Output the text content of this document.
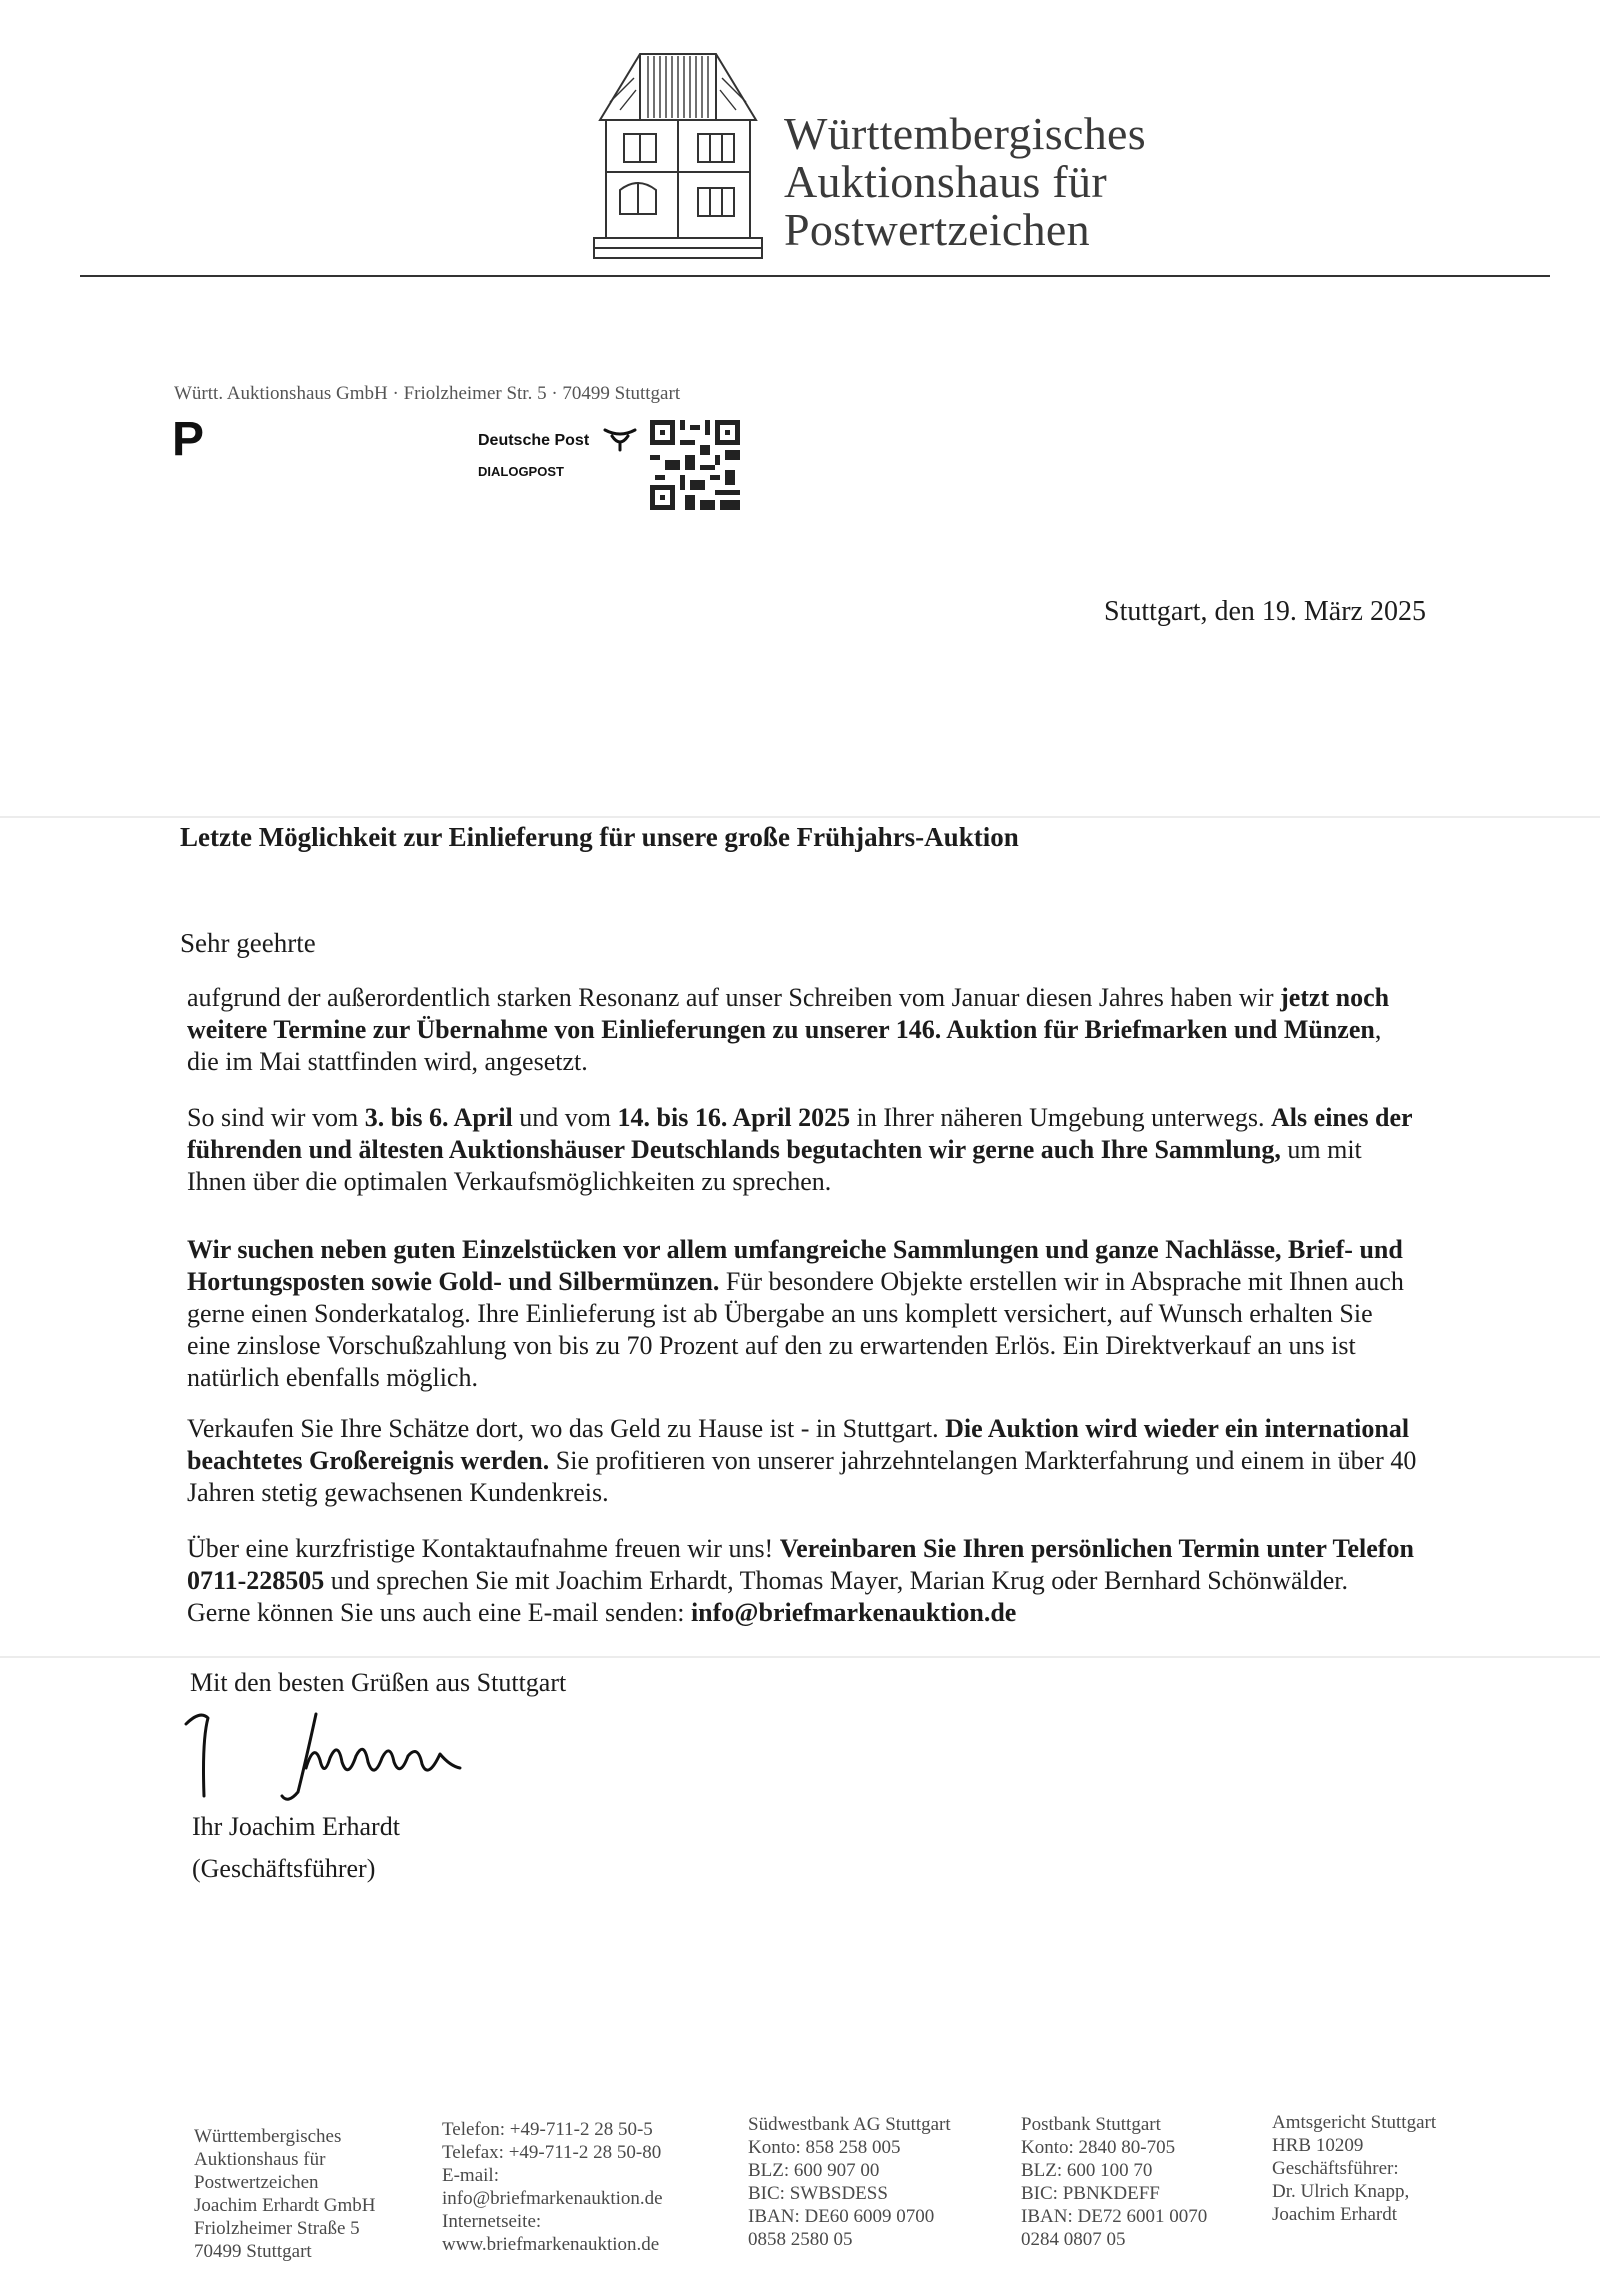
Württembergisches
Auktionshaus für
Postwertzeichen
Württ. Auktionshaus GmbH · Friolzheimer Str. 5 · 70499 Stuttgart
P	Deutsche Post
DIALOGPOST
Stuttgart, den 19. März 2025
Letzte Möglichkeit zur Einlieferung für unsere große Frühjahrs-Auktion
Sehr geehrte
aufgrund der außerordentlich starken Resonanz auf unser Schreiben vom Januar diesen Jahres haben wir jetzt noch weitere Termine zur Übernahme von Einlieferungen zu unserer 146. Auktion für Briefmarken und Münzen, die im Mai stattfinden wird, angesetzt.
So sind wir vom 3. bis 6. April und vom 14. bis 16. April 2025 in Ihrer näheren Umgebung unterwegs. Als eines der führenden und ältesten Auktionshäuser Deutschlands begutachten wir gerne auch Ihre Sammlung, um mit Ihnen über die optimalen Verkaufsmöglichkeiten zu sprechen.
Wir suchen neben guten Einzelstücken vor allem umfangreiche Sammlungen und ganze Nachlässe, Brief- und Hortungsposten sowie Gold- und Silbermünzen. Für besondere Objekte erstellen wir in Absprache mit Ihnen auch gerne einen Sonderkatalog. Ihre Einlieferung ist ab Übergabe an uns komplett versichert, auf Wunsch erhalten Sie eine zinslose Vorschußzahlung von bis zu 70 Prozent auf den zu erwartenden Erlös. Ein Direktverkauf an uns ist natürlich ebenfalls möglich.
Verkaufen Sie Ihre Schätze dort, wo das Geld zu Hause ist - in Stuttgart. Die Auktion wird wieder ein international beachtetes Großereignis werden. Sie profitieren von unserer jahrzehntelangen Markterfahrung und einem in über 40 Jahren stetig gewachsenen Kundenkreis.
Über eine kurzfristige Kontaktaufnahme freuen wir uns! Vereinbaren Sie Ihren persönlichen Termin unter Telefon 0711-228505 und sprechen Sie mit Joachim Erhardt, Thomas Mayer, Marian Krug oder Bernhard Schönwälder. Gerne können Sie uns auch eine E-mail senden: info@briefmarkenauktion.de
Mit den besten Grüßen aus Stuttgart
Ihr Joachim Erhardt
(Geschäftsführer)
Württembergisches
Auktionshaus für
Postwertzeichen
Joachim Erhardt GmbH
Friolzheimer Straße 5
70499 Stuttgart
Telefon: +49-711-2 28 50-5
Telefax: +49-711-2 28 50-80
E-mail:
info@briefmarkenauktion.de
Internetseite:
www.briefmarkenauktion.de
Südwestbank AG Stuttgart
Konto: 858 258 005
BLZ: 600 907 00
BIC: SWBSDESS
IBAN: DE60 6009 0700
0858 2580 05
Postbank Stuttgart
Konto: 2840 80-705
BLZ: 600 100 70
BIC: PBNKDEFF
IBAN: DE72 6001 0070
0284 0807 05
Amtsgericht Stuttgart
HRB 10209
Geschäftsführer:
Dr. Ulrich Knapp,
Joachim Erhardt
